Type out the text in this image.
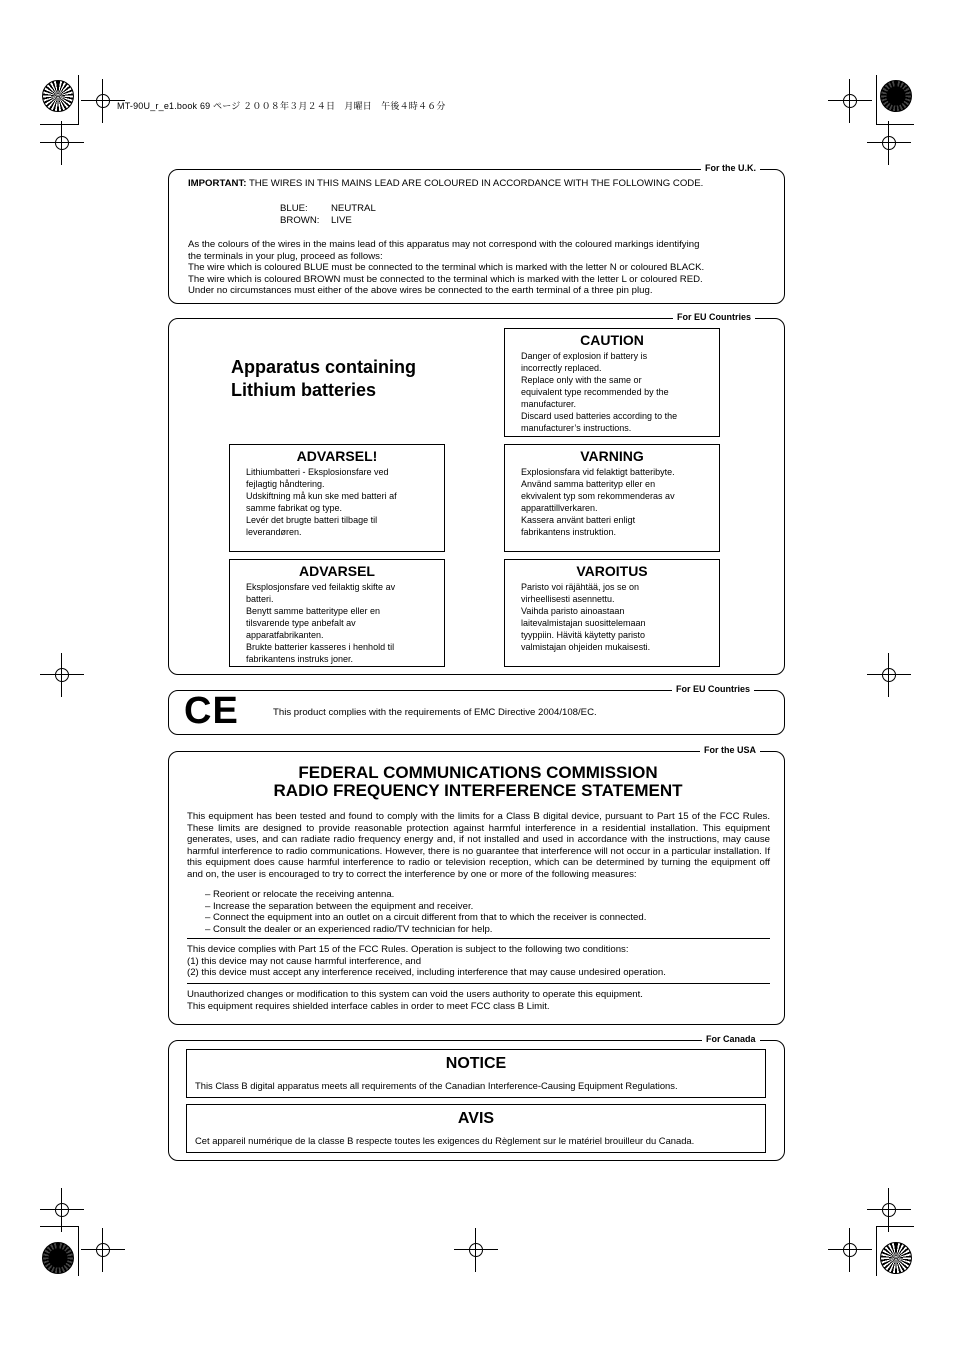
MT-90U_r_e1.book 69 ページ ２００８年３月２４日　月曜日　午後４時４６分
For the U.K.
IMPORTANT: THE WIRES IN THIS MAINS LEAD ARE COLOURED IN ACCORDANCE WITH THE FOLLOWING CODE.
BLUE: NEUTRAL
BROWN: LIVE
As the colours of the wires in the mains lead of this apparatus may not correspond with the coloured markings identifying
the terminals in your plug, proceed as follows:
The wire which is coloured BLUE must be connected to the terminal which is marked with the letter N or coloured BLACK.
The wire which is coloured BROWN must be connected to the terminal which is marked with the letter L or coloured RED.
Under no circumstances must either of the above wires be connected to the earth terminal of a three pin plug.
For EU Countries
Apparatus containing
Lithium batteries
CAUTION
Danger of explosion if battery is
incorrectly replaced.
Replace only with the same or
equivalent type recommended by the
manufacturer.
Discard used batteries according to the
manufacturer’s instructions.
ADVARSEL!
Lithiumbatteri - Eksplosionsfare ved
fejlagtig håndtering.
Udskiftning må kun ske med batteri af
samme fabrikat og type.
Levér det brugte batteri tilbage til
leverandøren.
VARNING
Explosionsfara vid felaktigt batteribyte.
Använd samma batterityp eller en
ekvivalent typ som rekommenderas av
apparattillverkaren.
Kassera använt batteri enligt
fabrikantens instruktion.
ADVARSEL
Eksplosjonsfare ved feilaktig skifte av
batteri.
Benytt samme batteritype eller en
tilsvarende type anbefalt av
apparatfabrikanten.
Brukte batterier kasseres i henhold til
fabrikantens instruks joner.
VAROITUS
Paristo voi räjähtää, jos se on
virheellisesti asennettu.
Vaihda paristo ainoastaan
laitevalmistajan suosittelemaan
tyyppiin. Hävitä käytetty paristo
valmistajan ohjeiden mukaisesti.
For EU Countries
CE	This product complies with the requirements of EMC Directive 2004/108/EC.
For the USA
FEDERAL COMMUNICATIONS COMMISSION
RADIO FREQUENCY INTERFERENCE STATEMENT
This equipment has been tested and found to comply with the limits for a Class B digital device, pursuant to Part 15 of the FCC Rules. These limits are designed to provide reasonable protection against harmful interference in a residential installation. This equipment generates, uses, and can radiate radio frequency energy and, if not installed and used in accordance with the instructions, may cause harmful interference to radio communications. However, there is no guarantee that interference will not occur in a particular installation. If this equipment does cause harmful interference to radio or television reception, which can be determined by turning the equipment off and on, the user is encouraged to try to correct the interference by one or more of the following measures:
– Reorient or relocate the receiving antenna.
– Increase the separation between the equipment and receiver.
– Connect the equipment into an outlet on a circuit different from that to which the receiver is connected.
– Consult the dealer or an experienced radio/TV technician for help.
This device complies with Part 15 of the FCC Rules. Operation is subject to the following two conditions:
(1) this device may not cause harmful interference, and
(2) this device must accept any interference received, including interference that may cause undesired operation.
Unauthorized changes or modification to this system can void the users authority to operate this equipment.
This equipment requires shielded interface cables in order to meet FCC class B Limit.
For Canada
NOTICE
This Class B digital apparatus meets all requirements of the Canadian Interference-Causing Equipment Regulations.
AVIS
Cet appareil numérique de la classe B respecte toutes les exigences du Règlement sur le matériel brouilleur du Canada.
